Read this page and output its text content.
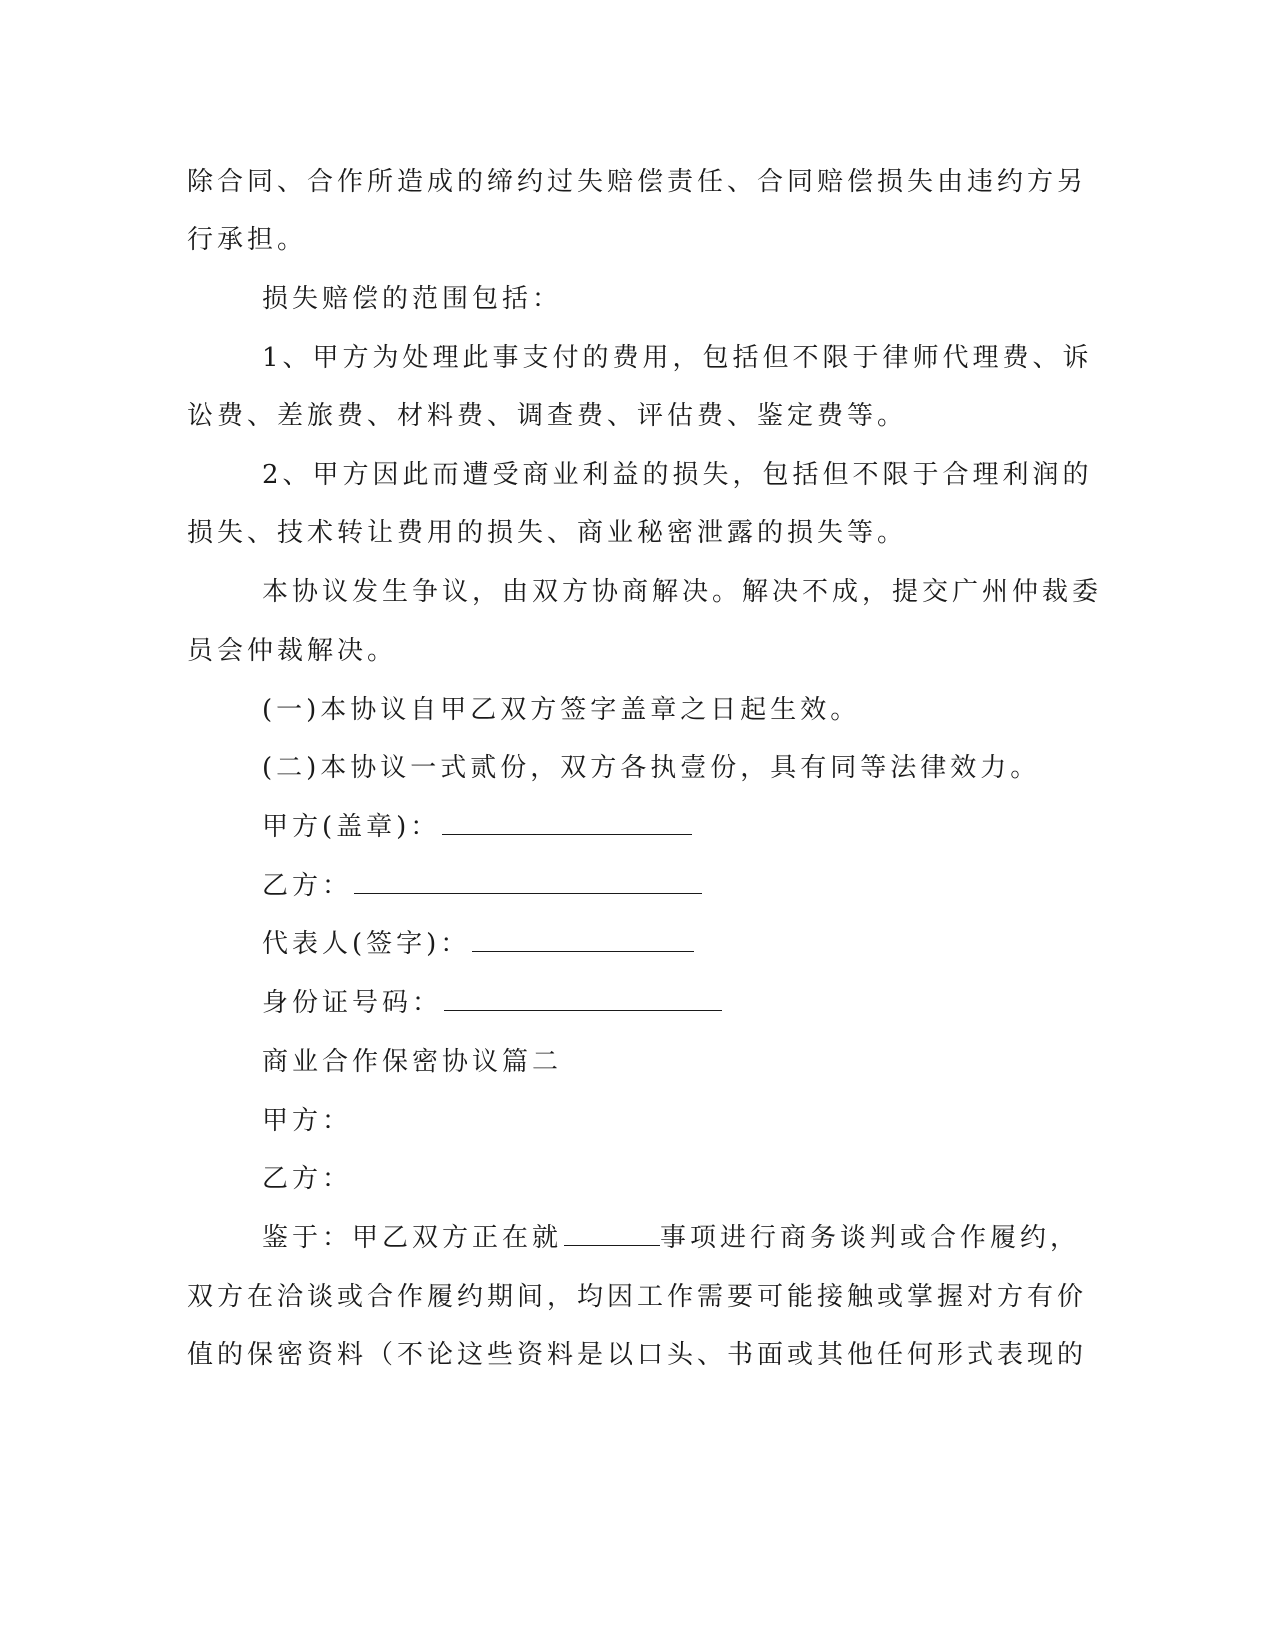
除合同、合作所造成的缔约过失赔偿责任、合同赔偿损失由违约方另
行承担。
损失赔偿的范围包括：
1、甲方为处理此事支付的费用，包括但不限于律师代理费、诉
讼费、差旅费、材料费、调查费、评估费、鉴定费等。
2、甲方因此而遭受商业利益的损失，包括但不限于合理利润的
损失、技术转让费用的损失、商业秘密泄露的损失等。
本协议发生争议，由双方协商解决。解决不成，提交广州仲裁委
员会仲裁解决。
(一)本协议自甲乙双方签字盖章之日起生效。
(二)本协议一式贰份，双方各执壹份，具有同等法律效力。
甲方(盖章)：
乙方：
代表人(签字)：
身份证号码：
商业合作保密协议篇二
甲方：
乙方：
鉴于：甲乙双方正在就	事项进行商务谈判或合作履约，
双方在洽谈或合作履约期间，均因工作需要可能接触或掌握对方有价
值的保密资料（不论这些资料是以口头、书面或其他任何形式表现的
